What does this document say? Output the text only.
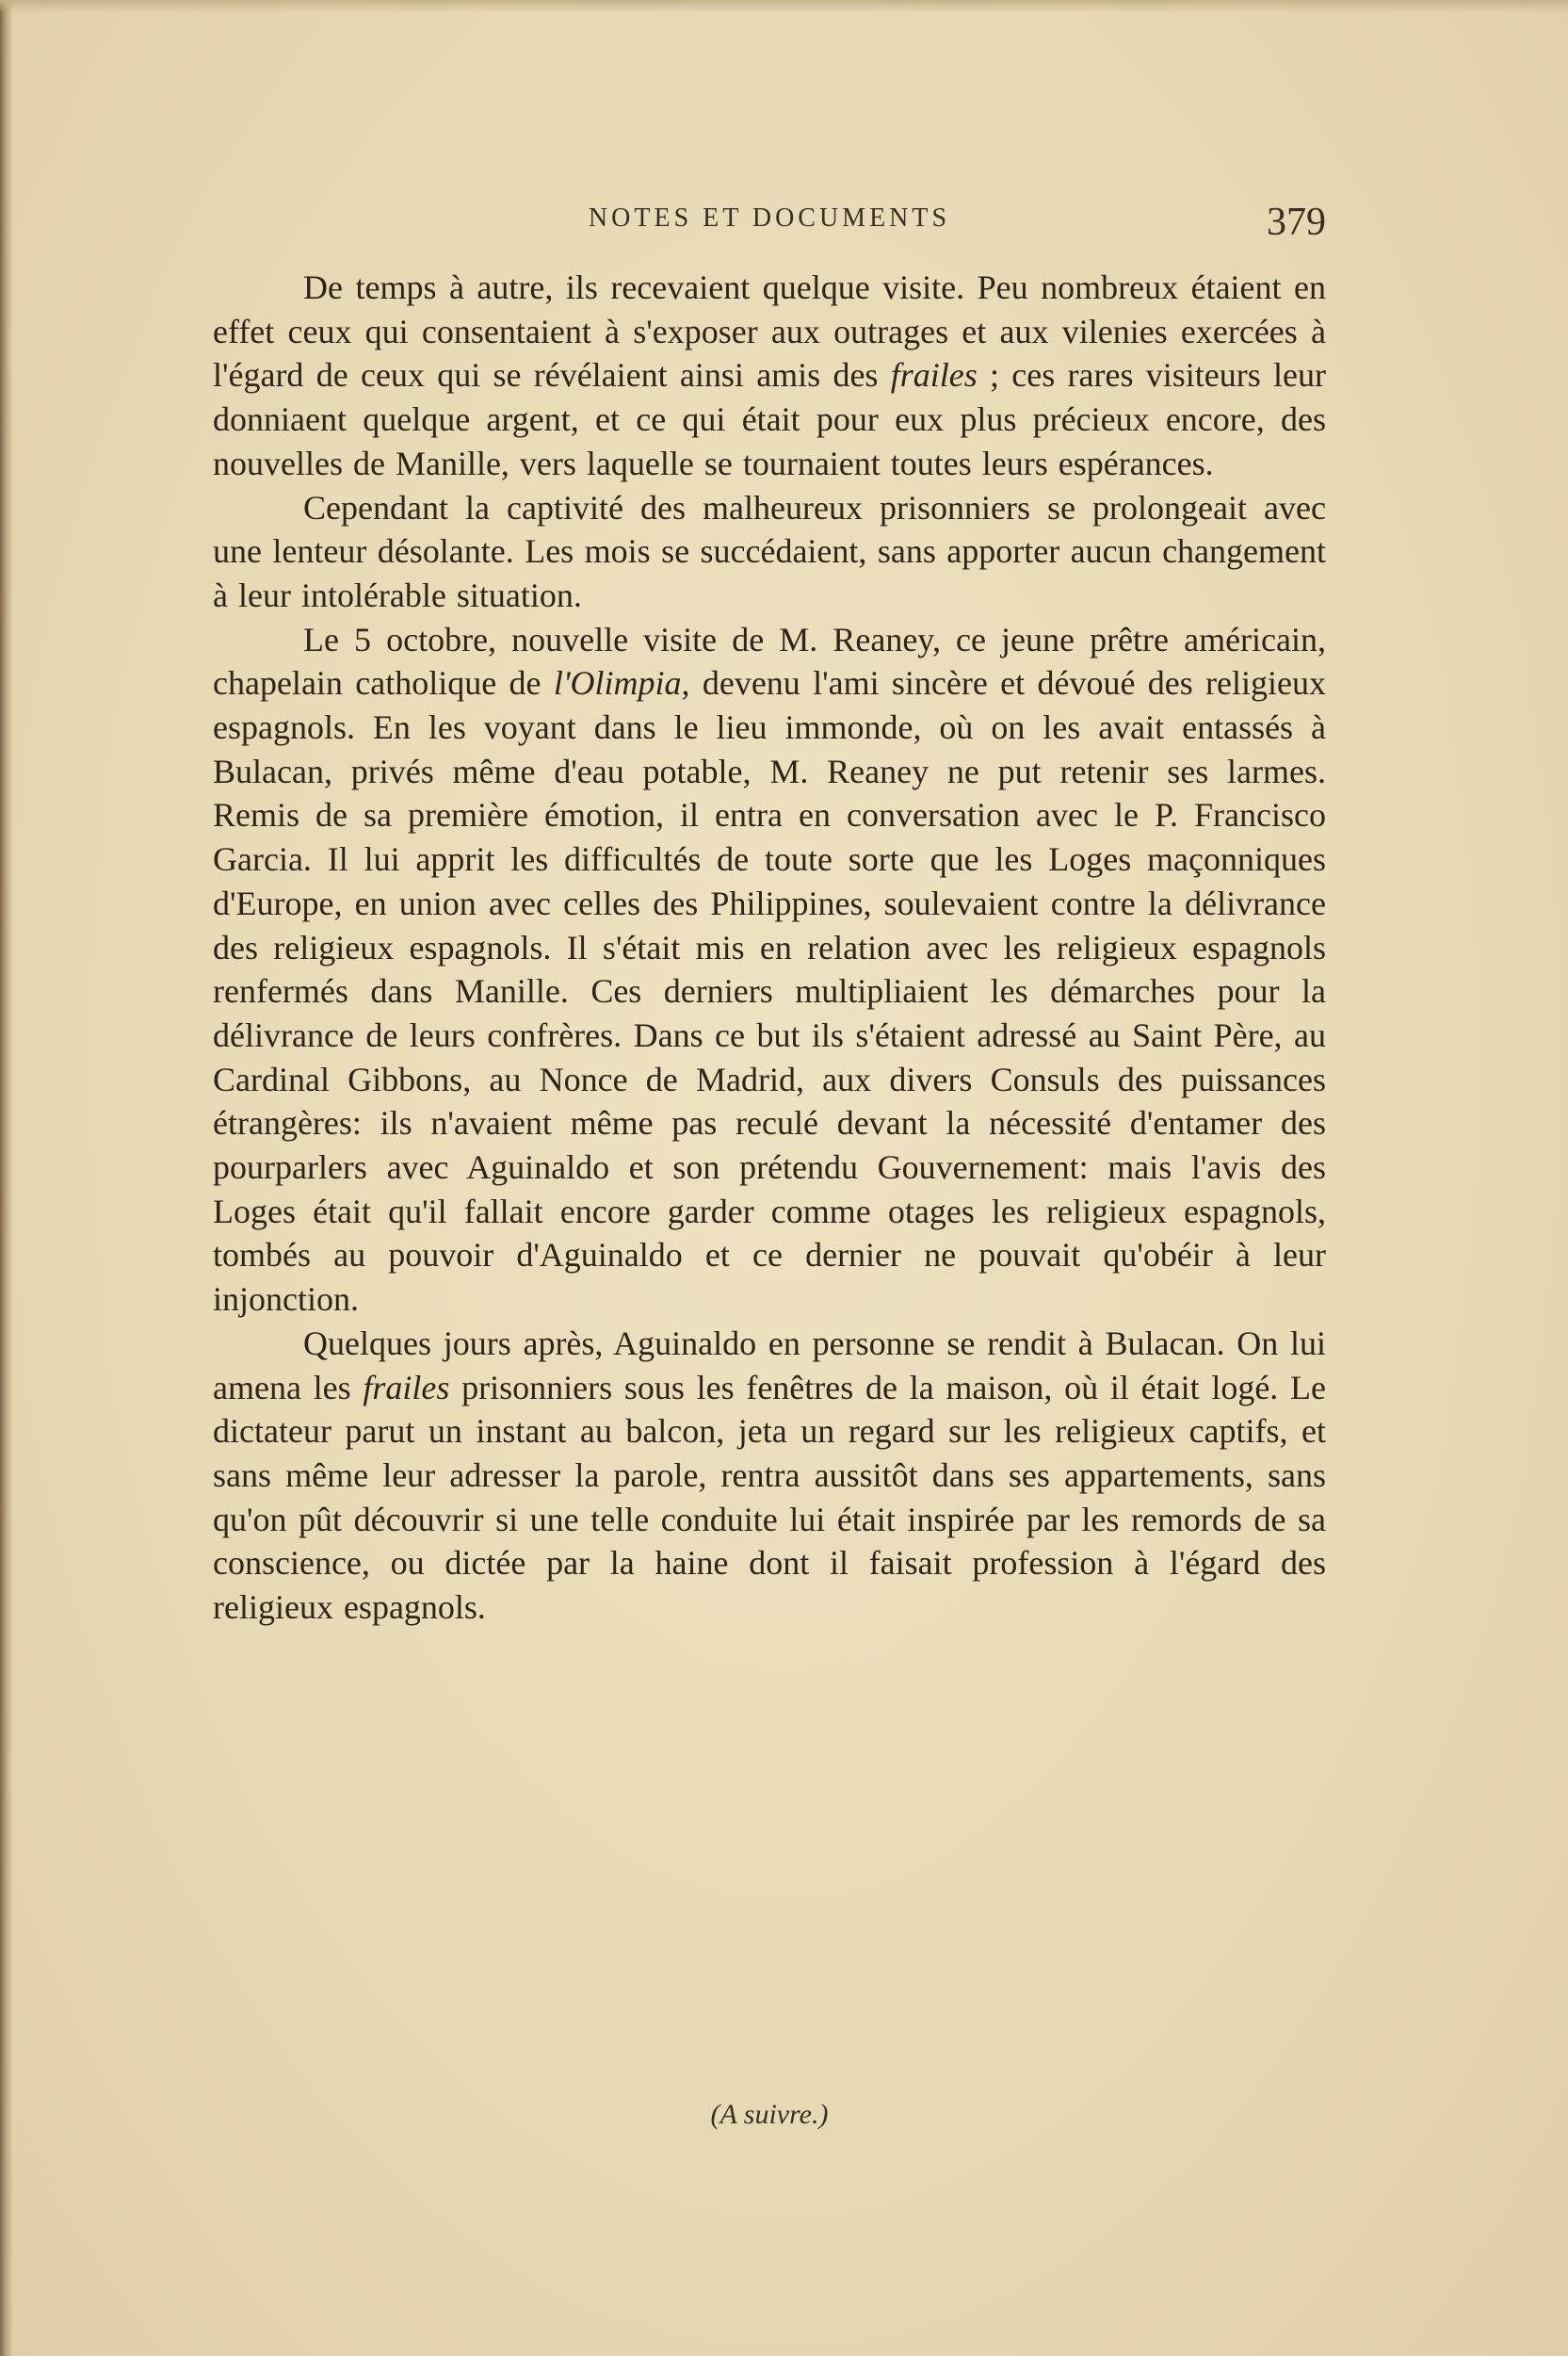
NOTES ET DOCUMENTS	379

De temps à autre, ils recevaient quelque visite. Peu nombreux étaient en effet ceux qui consentaient à s'exposer aux outrages et aux vilenies exercées à l'égard de ceux qui se révélaient ainsi amis des frailes ; ces rares visiteurs leur donniaent quelque argent, et ce qui était pour eux plus précieux encore, des nouvelles de Manille, vers laquelle se tournaient toutes leurs espérances.

Cependant la captivité des malheureux prisonniers se prolongeait avec une lenteur désolante. Les mois se succédaient, sans apporter aucun changement à leur intolérable situation.

Le 5 octobre, nouvelle visite de M. Reaney, ce jeune prêtre américain, chapelain catholique de l'Olimpia, devenu l'ami sincère et dévoué des religieux espagnols. En les voyant dans le lieu immonde, où on les avait entassés à Bulacan, privés même d'eau potable, M. Reaney ne put retenir ses larmes. Remis de sa première émotion, il entra en conversation avec le P. Francisco Garcia. Il lui apprit les difficultés de toute sorte que les Loges maçonniques d'Europe, en union avec celles des Philippines, soulevaient contre la délivrance des religieux espagnols. Il s'était mis en relation avec les religieux espagnols renfermés dans Manille. Ces derniers multipliaient les démarches pour la délivrance de leurs confrères. Dans ce but ils s'étaient adressé au Saint Père, au Cardinal Gibbons, au Nonce de Madrid, aux divers Consuls des puissances étrangères: ils n'avaient même pas reculé devant la nécessité d'entamer des pourparlers avec Aguinaldo et son prétendu Gouvernement: mais l'avis des Loges était qu'il fallait encore garder comme otages les religieux espagnols, tombés au pouvoir d'Aguinaldo et ce dernier ne pouvait qu'obéir à leur injonction.

Quelques jours après, Aguinaldo en personne se rendit à Bulacan. On lui amena les frailes prisonniers sous les fenêtres de la maison, où il était logé. Le dictateur parut un instant au balcon, jeta un regard sur les religieux captifs, et sans même leur adresser la parole, rentra aussitôt dans ses appartements, sans qu'on pût découvrir si une telle conduite lui était inspirée par les remords de sa conscience, ou dictée par la haine dont il faisait profession à l'égard des religieux espagnols.

(A suivre.)
